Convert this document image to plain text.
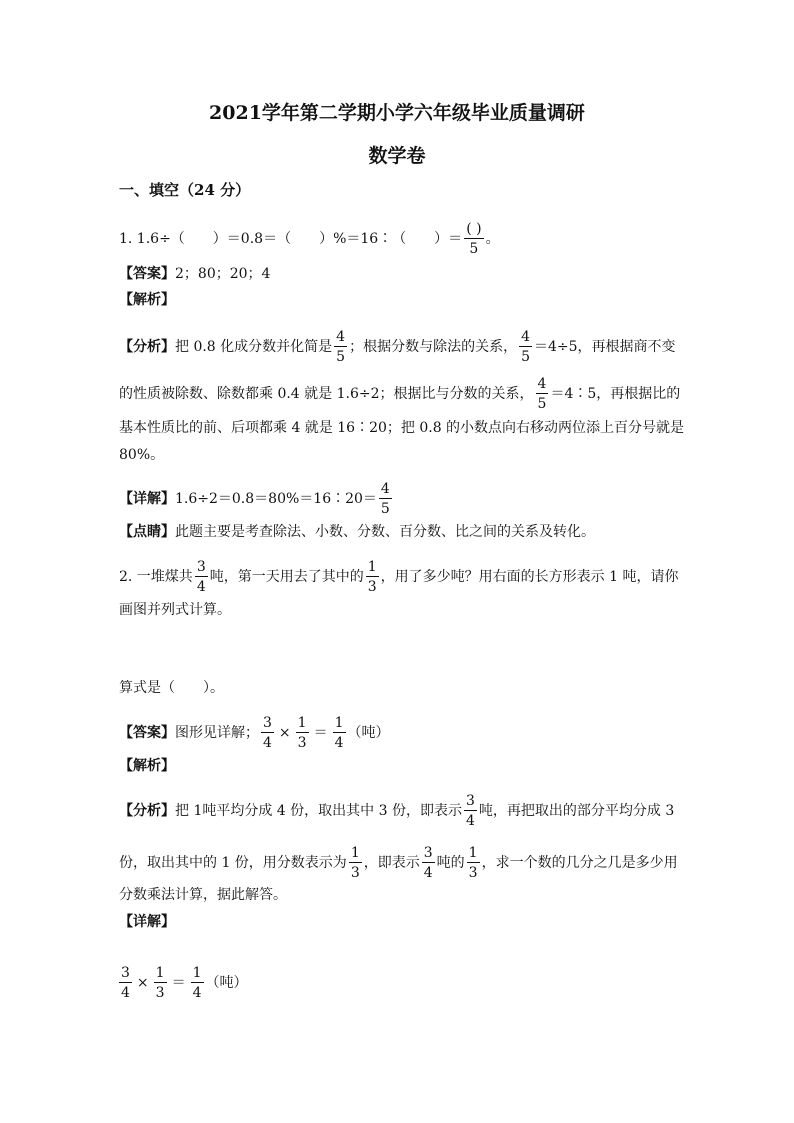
2021学年第二学期小学六年级毕业质量调研
数学卷
一、填空（24 分）
1. 1.6÷（　　）＝0.8＝（　　）%＝16∶（　　）＝ $\frac{( )}{5}$ 。
【答案】2；80；20；4
【解析】
【分析】把 0.8 化成分数并化简是 $\frac{4}{5}$ ；根据分数与除法的关系， $\frac{4}{5} =4\div 5$，再根据商不变
的性质被除数、除数都乘 0.4 就是 1.6÷2；根据比与分数的关系， $\frac{4}{5}$ ＝4∶5，再根据比的
基本性质比的前、后项都乘 4 就是 16∶20；把 0.8 的小数点向右移动两位添上百分号就是
80%。
【详解】1.6÷2＝0.8＝80%＝16∶20＝ $\frac{4}{5}$
【点睛】此题主要是考查除法、小数、分数、百分数、比之间的关系及转化。
2. 一堆煤共 $\frac{3}{4}$ 吨，第一天用去了其中的 $\frac{1}{3}$ ，用了多少吨？用右面的长方形表示 1 吨，请你
画图并列式计算。
算式是（　　）。
【答案】图形见详解； $\frac{3}{4} \times \frac{1}{3} = \frac{1}{4}$ （吨）
【解析】
【分析】把 1吨平均分成 4 份，取出其中 3 份，即表示 $\frac{3}{4}$ 吨，再把取出的部分平均分成 3
份，取出其中的 1 份，用分数表示为 $\frac{1}{3}$ ，即表示 $\frac{3}{4}$ 吨的 $\frac{1}{3}$ ，求一个数的几分之几是多少用
分数乘法计算，据此解答。
【详解】
$\frac{3}{4} \times \frac{1}{3} = \frac{1}{4}$ （吨）
